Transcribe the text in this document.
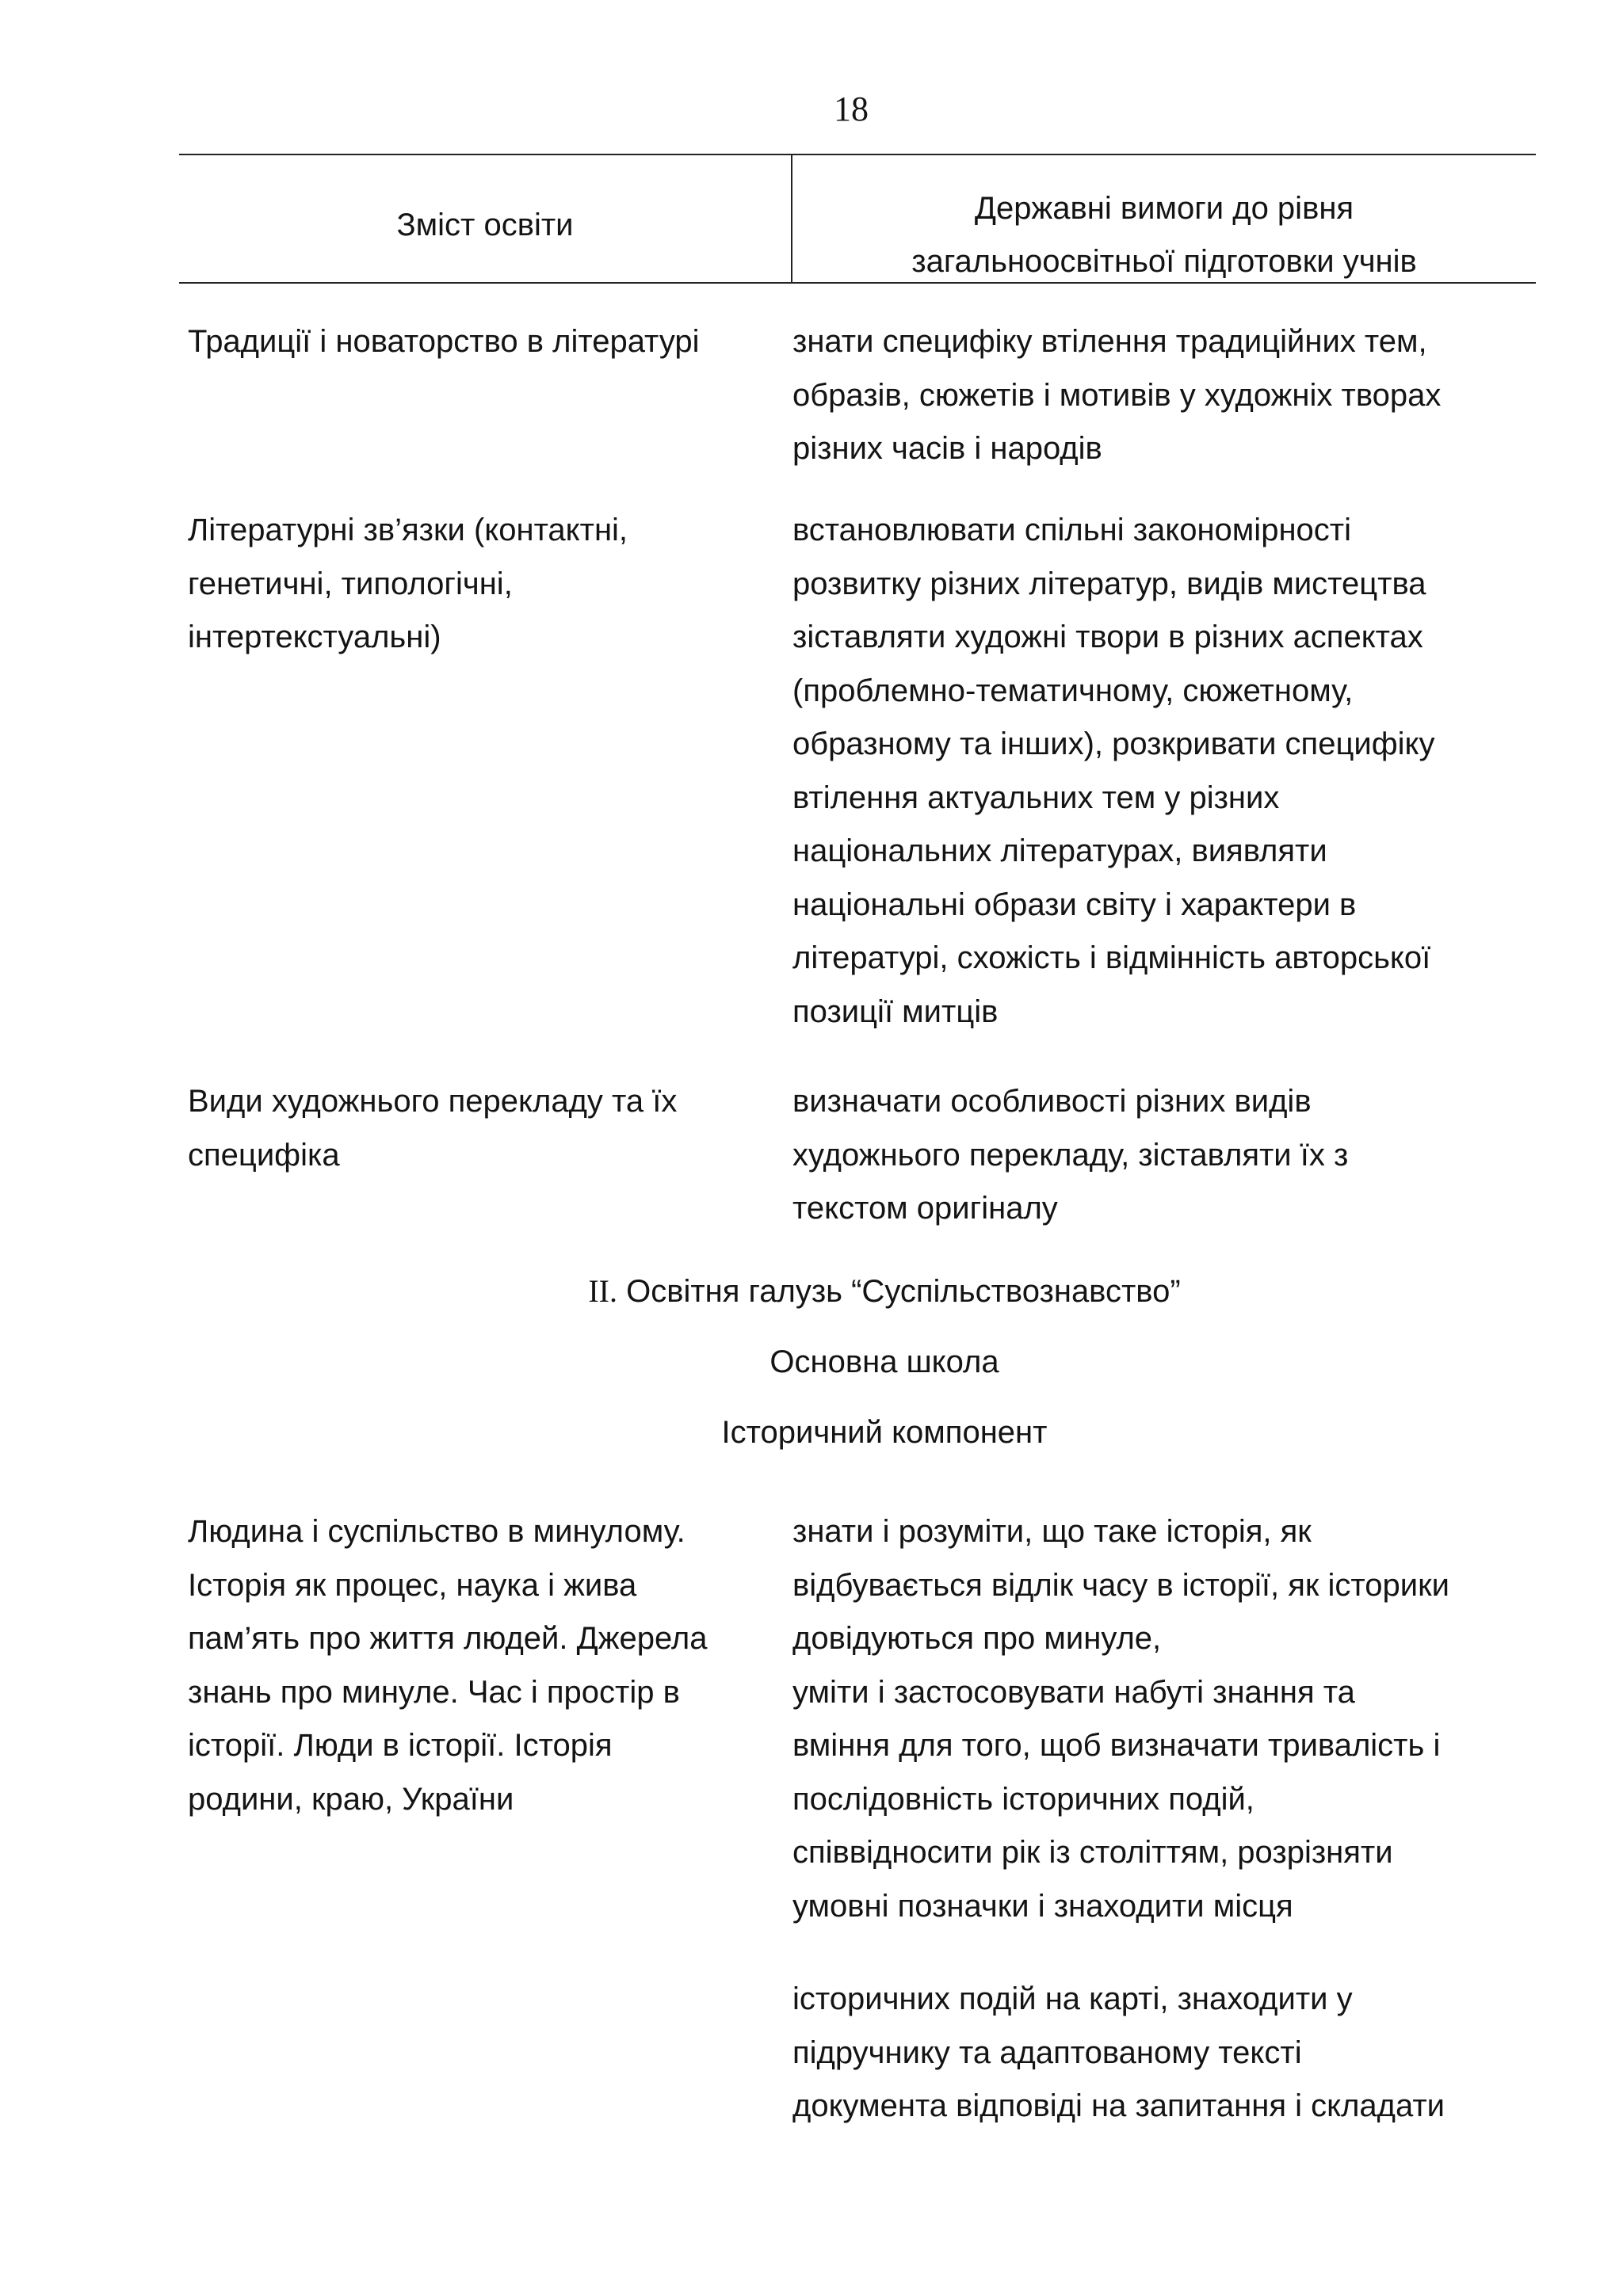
18
Зміст освіти	Державні вимоги до рівня
загальноосвітньої підготовки учнів
Традиції і новаторство в літературі	знати специфіку втілення традиційних тем,
образів, сюжетів і мотивів у художніх творах
різних часів і народів
Літературні зв’язки (контактні,
генетичні, типологічні,
інтертекстуальні)
встановлювати спільні закономірності
розвитку різних літератур, видів мистецтва
зіставляти художні твори в різних аспектах
(проблемно-тематичному, сюжетному,
образному та інших), розкривати специфіку
втілення актуальних тем у різних
національних літературах, виявляти
національні образи світу і характери в
літературі, схожість і відмінність авторської
позиції митців
Види художнього перекладу та їх
специфіка
визначати особливості різних видів
художнього перекладу, зіставляти їх з
текстом оригіналу
II. Освітня галузь “Суспільствознавство”
Основна школа
Історичний компонент
Людина і суспільство в минулому.
Історія як процес, наука і жива
пам’ять про життя людей. Джерела
знань про минуле. Час і простір в
історії. Люди в історії. Історія
родини, краю, України
знати і розуміти, що таке історія, як
відбувається відлік часу в історії, як історики
довідуються про минуле,
уміти і застосовувати набуті знання та
вміння для того, щоб визначати тривалість і
послідовність історичних подій,
співвідносити рік із століттям, розрізняти
умовні позначки і знаходити місця
історичних подій на карті, знаходити у
підручнику та адаптованому тексті
документа відповіді на запитання і складати
